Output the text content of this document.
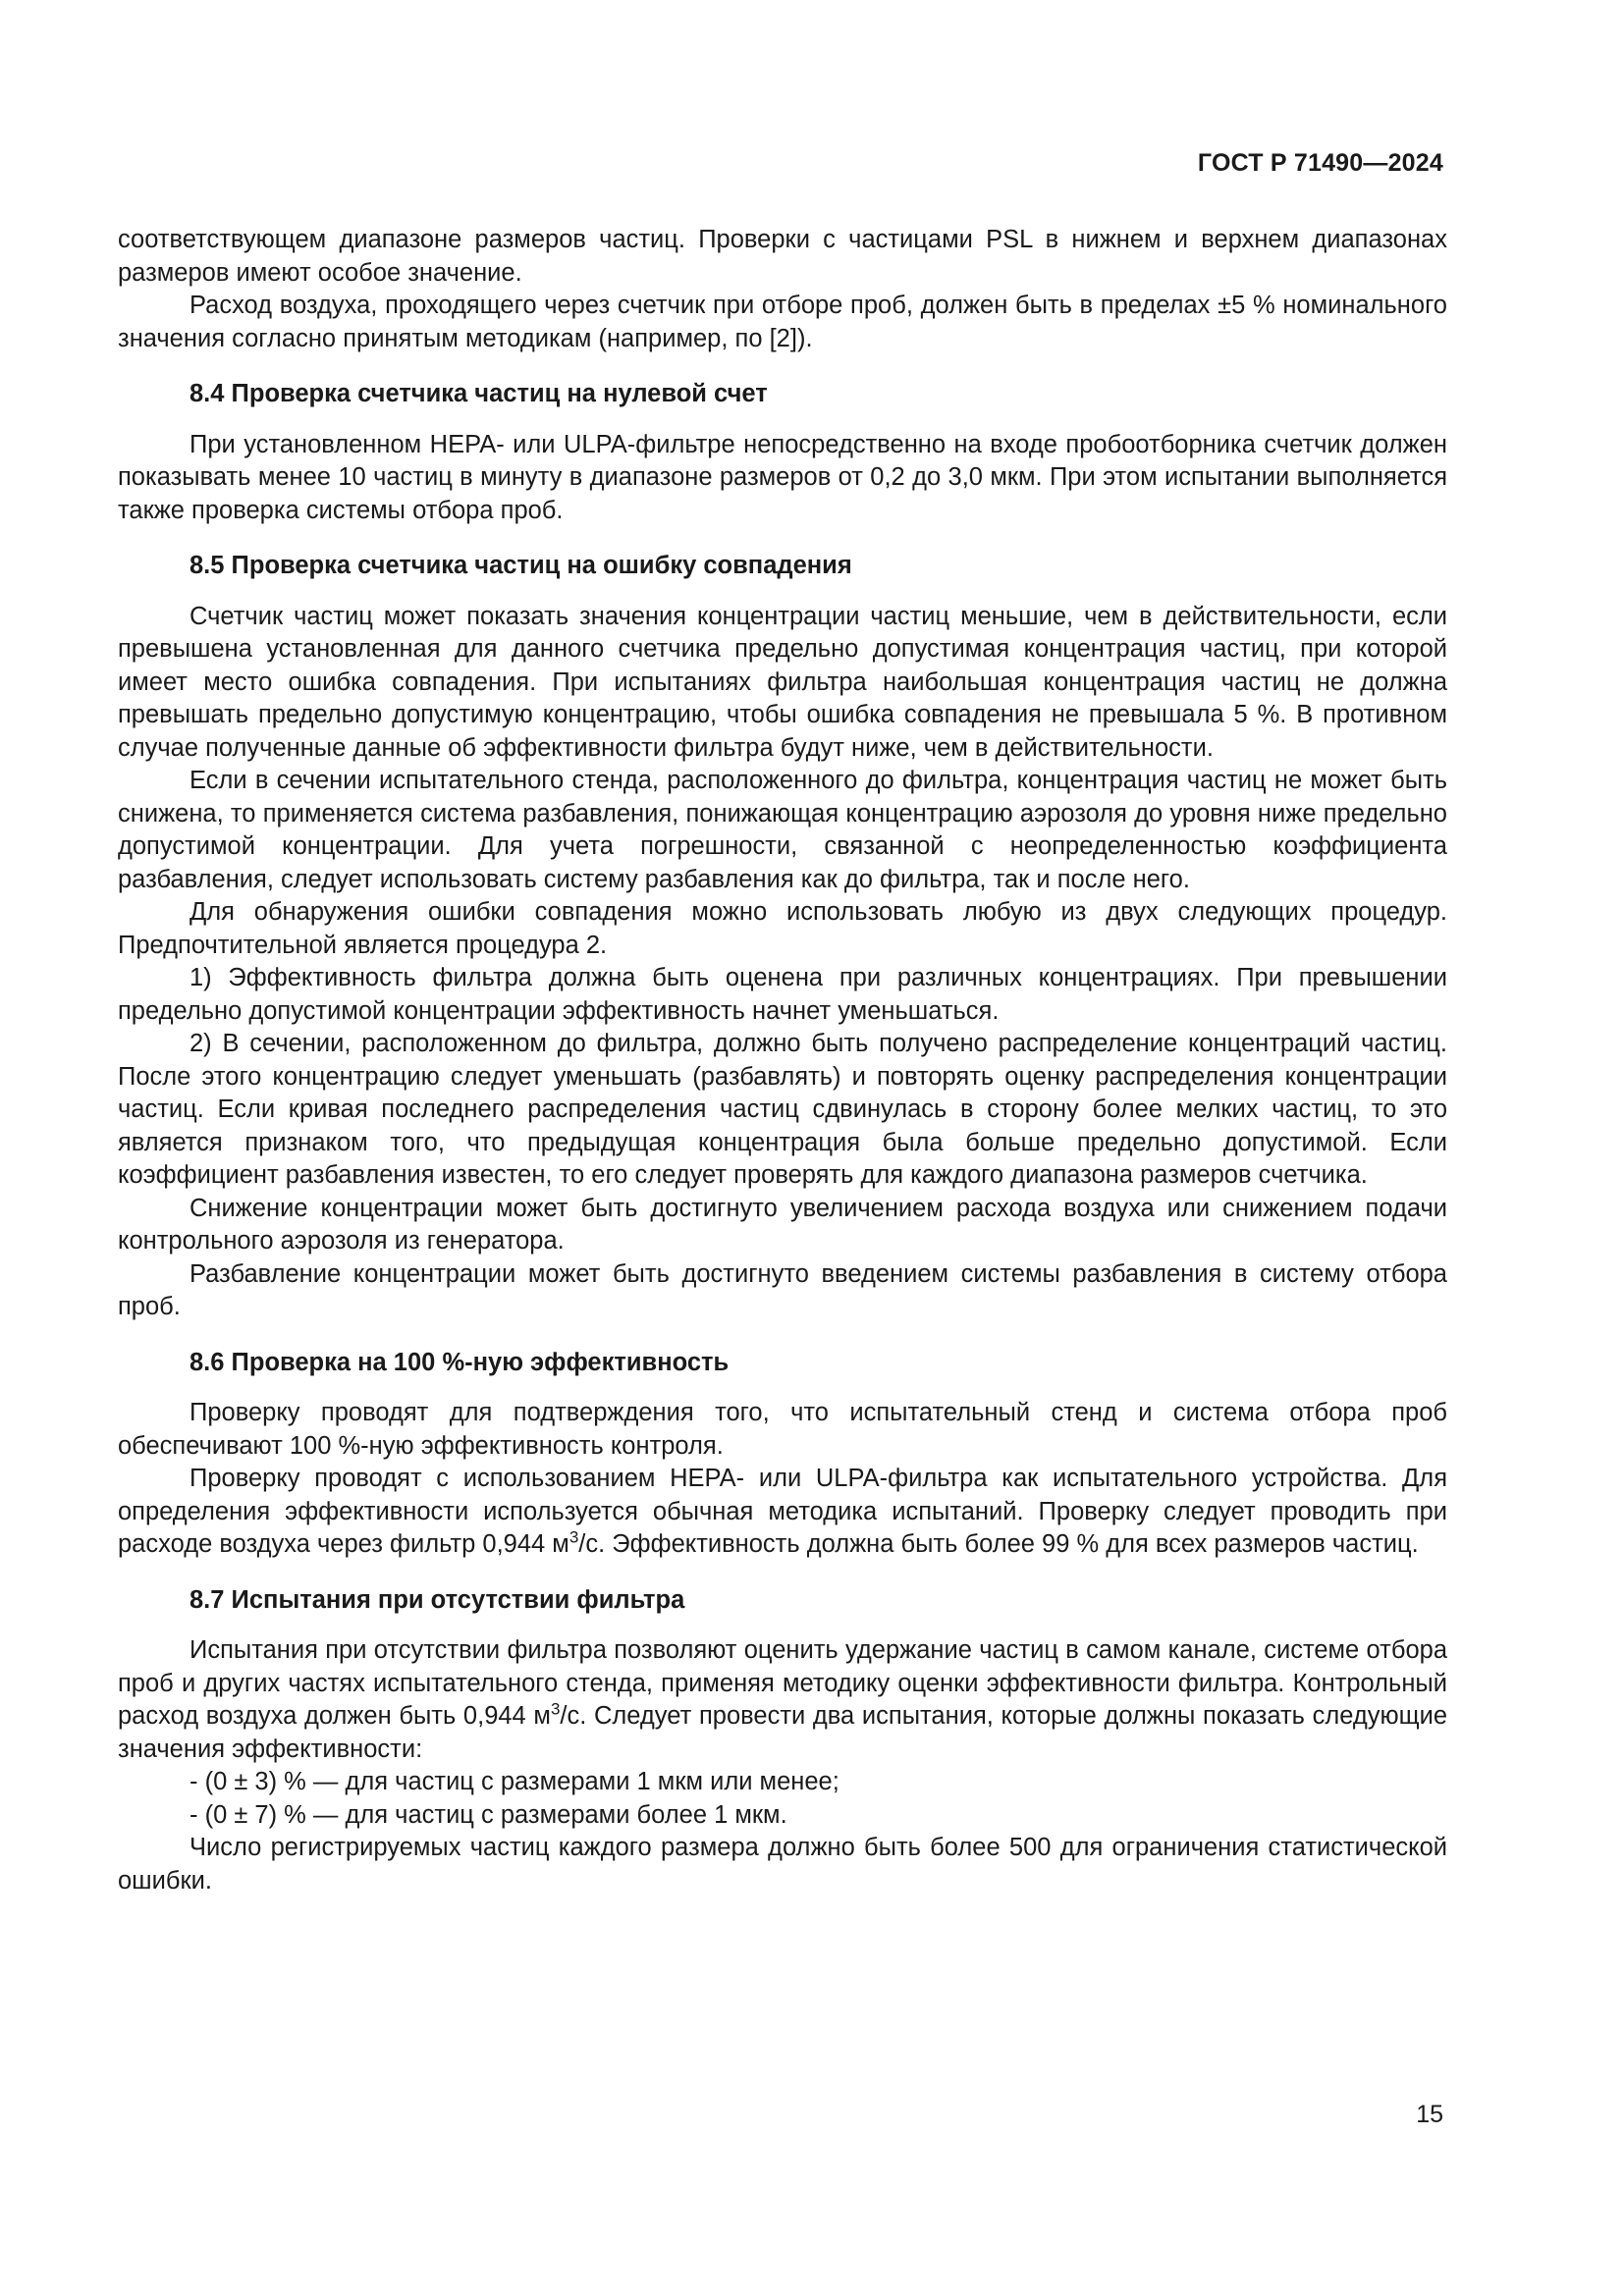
ГОСТ Р 71490—2024

соответствующем диапазоне размеров частиц. Проверки с частицами PSL в нижнем и верхнем диапазонах размеров имеют особое значение.

Расход воздуха, проходящего через счетчик при отборе проб, должен быть в пределах ±5 % номинального значения согласно принятым методикам (например, по [2]).

8.4 Проверка счетчика частиц на нулевой счет

При установленном HEPA- или ULPA-фильтре непосредственно на входе пробоотборника счетчик должен показывать менее 10 частиц в минуту в диапазоне размеров от 0,2 до 3,0 мкм. При этом испытании выполняется также проверка системы отбора проб.

8.5 Проверка счетчика частиц на ошибку совпадения

Счетчик частиц может показать значения концентрации частиц меньшие, чем в действительности, если превышена установленная для данного счетчика предельно допустимая концентрация частиц, при которой имеет место ошибка совпадения. При испытаниях фильтра наибольшая концентрация частиц не должна превышать предельно допустимую концентрацию, чтобы ошибка совпадения не превышала 5 %. В противном случае полученные данные об эффективности фильтра будут ниже, чем в действительности.

Если в сечении испытательного стенда, расположенного до фильтра, концентрация частиц не может быть снижена, то применяется система разбавления, понижающая концентрацию аэрозоля до уровня ниже предельно допустимой концентрации. Для учета погрешности, связанной с неопределенностью коэффициента разбавления, следует использовать систему разбавления как до фильтра, так и после него.

Для обнаружения ошибки совпадения можно использовать любую из двух следующих процедур. Предпочтительной является процедура 2.

1) Эффективность фильтра должна быть оценена при различных концентрациях. При превышении предельно допустимой концентрации эффективность начнет уменьшаться.

2) В сечении, расположенном до фильтра, должно быть получено распределение концентраций частиц. После этого концентрацию следует уменьшать (разбавлять) и повторять оценку распределения концентрации частиц. Если кривая последнего распределения частиц сдвинулась в сторону более мелких частиц, то это является признаком того, что предыдущая концентрация была больше предельно допустимой. Если коэффициент разбавления известен, то его следует проверять для каждого диапазона размеров счетчика.

Снижение концентрации может быть достигнуто увеличением расхода воздуха или снижением подачи контрольного аэрозоля из генератора.

Разбавление концентрации может быть достигнуто введением системы разбавления в систему отбора проб.

8.6 Проверка на 100 %-ную эффективность

Проверку проводят для подтверждения того, что испытательный стенд и система отбора проб обеспечивают 100 %-ную эффективность контроля.

Проверку проводят с использованием HEPA- или ULPA-фильтра как испытательного устройства. Для определения эффективности используется обычная методика испытаний. Проверку следует проводить при расходе воздуха через фильтр 0,944 $м^3/с$. Эффективность должна быть более 99 % для всех размеров частиц.

8.7 Испытания при отсутствии фильтра

Испытания при отсутствии фильтра позволяют оценить удержание частиц в самом канале, системе отбора проб и других частях испытательного стенда, применяя методику оценки эффективности фильтра. Контрольный расход воздуха должен быть 0,944 $м^3/с$. Следует провести два испытания, которые должны показать следующие значения эффективности:

- (0 ± 3) % — для частиц с размерами 1 мкм или менее;
- (0 ± 7) % — для частиц с размерами более 1 мкм.

Число регистрируемых частиц каждого размера должно быть более 500 для ограничения статистической ошибки.

15
